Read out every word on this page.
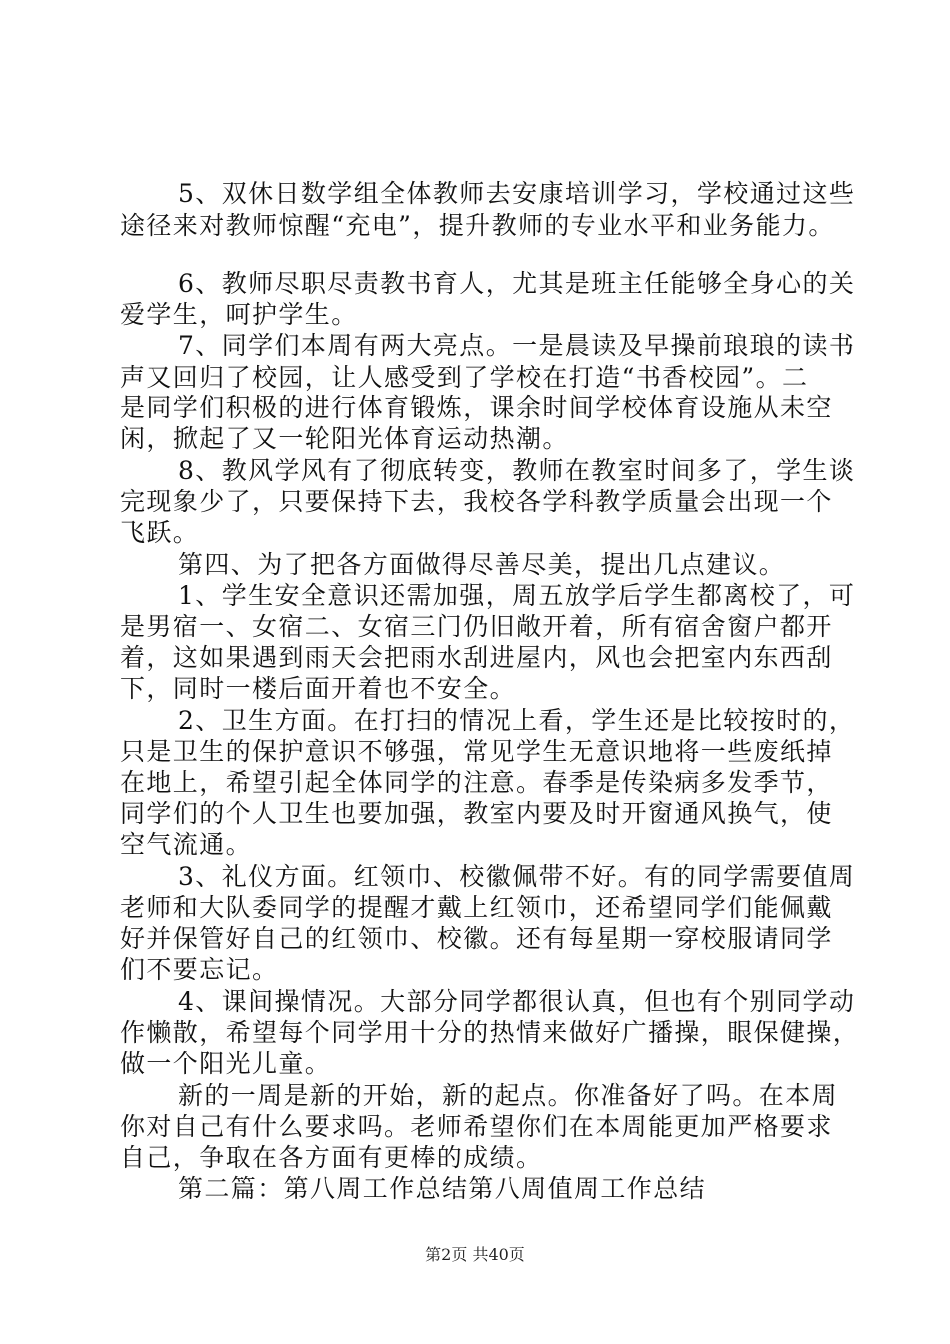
5、双休日数学组全体教师去安康培训学习，学校通过这些
途径来对教师惊醒“充电”，提升教师的专业水平和业务能力。
6、教师尽职尽责教书育人，尤其是班主任能够全身心的关
爱学生，呵护学生。
7、同学们本周有两大亮点。一是晨读及早操前琅琅的读书
声又回归了校园，让人感受到了学校在打造“书香校园”。二
是同学们积极的进行体育锻炼，课余时间学校体育设施从未空
闲，掀起了又一轮阳光体育运动热潮。
8、教风学风有了彻底转变，教师在教室时间多了，学生谈
完现象少了，只要保持下去，我校各学科教学质量会出现一个
飞跃。
第四、为了把各方面做得尽善尽美，提出几点建议。
1、学生安全意识还需加强，周五放学后学生都离校了，可
是男宿一、女宿二、女宿三门仍旧敞开着，所有宿舍窗户都开
着，这如果遇到雨天会把雨水刮进屋内，风也会把室内东西刮
下，同时一楼后面开着也不安全。
2、卫生方面。在打扫的情况上看，学生还是比较按时的，
只是卫生的保护意识不够强，常见学生无意识地将一些废纸掉
在地上，希望引起全体同学的注意。春季是传染病多发季节，
同学们的个人卫生也要加强，教室内要及时开窗通风换气，使
空气流通。
3、礼仪方面。红领巾、校徽佩带不好。有的同学需要值周
老师和大队委同学的提醒才戴上红领巾，还希望同学们能佩戴
好并保管好自己的红领巾、校徽。还有每星期一穿校服请同学
们不要忘记。
4、课间操情况。大部分同学都很认真，但也有个别同学动
作懒散，希望每个同学用十分的热情来做好广播操，眼保健操，
做一个阳光儿童。
新的一周是新的开始，新的起点。你准备好了吗。在本周
你对自己有什么要求吗。老师希望你们在本周能更加严格要求
自己，争取在各方面有更棒的成绩。
第二篇：第八周工作总结第八周值周工作总结
第2页 共40页
